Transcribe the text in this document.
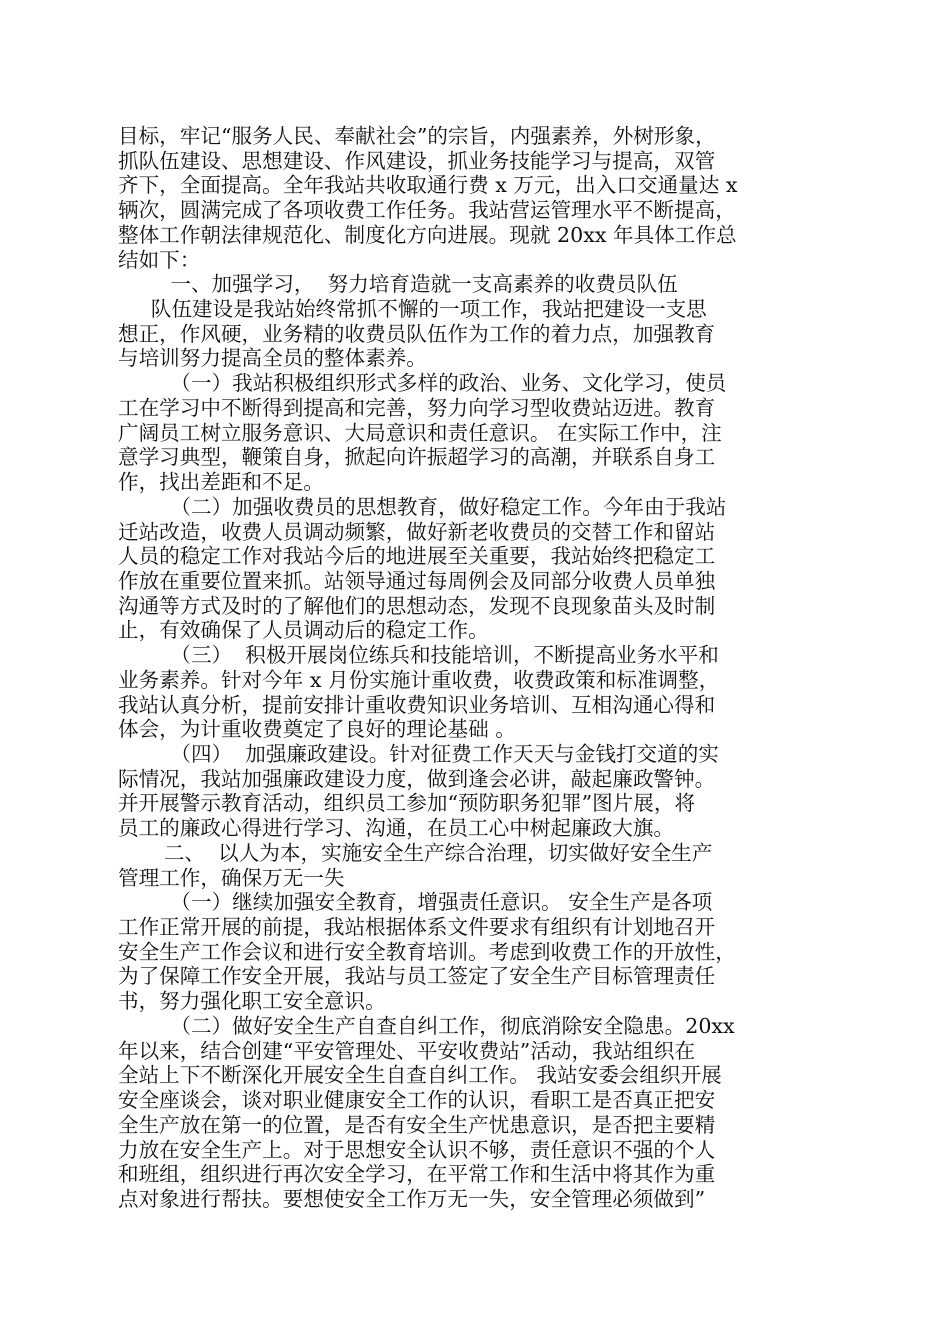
目标，牢记“服务人民、奉献社会”的宗旨，内强素养，外树形象，
抓队伍建设、思想建设、作风建设，抓业务技能学习与提高，双管
齐下，全面提高。全年我站共收取通行费 x 万元，出入口交通量达 x
辆次，圆满完成了各项收费工作任务。我站营运管理水平不断提高，
整体工作朝法律规范化、制度化方向进展。现就 20xx 年具体工作总
结如下：
一、加强学习，  努力培育造就一支高素养的收费员队伍
队伍建设是我站始终常抓不懈的一项工作，我站把建设一支思
想正，作风硬，业务精的收费员队伍作为工作的着力点，加强教育
与培训努力提高全员的整体素养。
（一）我站积极组织形式多样的政治、业务、文化学习，使员
工在学习中不断得到提高和完善，努力向学习型收费站迈进。教育
广阔员工树立服务意识、大局意识和责任意识。 在实际工作中，注
意学习典型，鞭策自身，掀起向许振超学习的高潮，并联系自身工
作，找出差距和不足。
（二）加强收费员的思想教育，做好稳定工作。今年由于我站
迁站改造，收费人员调动频繁，做好新老收费员的交替工作和留站
人员的稳定工作对我站今后的地进展至关重要，我站始终把稳定工
作放在重要位置来抓。站领导通过每周例会及同部分收费人员单独
沟通等方式及时的了解他们的思想动态，发现不良现象苗头及时制
止，有效确保了人员调动后的稳定工作。
（三）  积极开展岗位练兵和技能培训，不断提高业务水平和
业务素养。针对今年 x 月份实施计重收费，收费政策和标准调整，
我站认真分析，提前安排计重收费知识业务培训、互相沟通心得和
体会，为计重收费奠定了良好的理论基础 。
（四）  加强廉政建设。针对征费工作天天与金钱打交道的实
际情况，我站加强廉政建设力度，做到逢会必讲，敲起廉政警钟。
并开展警示教育活动，组织员工参加“预防职务犯罪”图片展，将
员工的廉政心得进行学习、沟通，在员工心中树起廉政大旗。
二、  以人为本，实施安全生产综合治理，切实做好安全生产
管理工作，确保万无一失
（一）继续加强安全教育，增强责任意识。 安全生产是各项
工作正常开展的前提，我站根据体系文件要求有组织有计划地召开
安全生产工作会议和进行安全教育培训。考虑到收费工作的开放性，
为了保障工作安全开展，我站与员工签定了安全生产目标管理责任
书，努力强化职工安全意识。
（二）做好安全生产自查自纠工作，彻底消除安全隐患。20xx
年以来，结合创建“平安管理处、平安收费站”活动，我站组织在
全站上下不断深化开展安全生自查自纠工作。 我站安委会组织开展
安全座谈会，谈对职业健康安全工作的认识，看职工是否真正把安
全生产放在第一的位置，是否有安全生产忧患意识，是否把主要精
力放在安全生产上。对于思想安全认识不够，责任意识不强的个人
和班组，组织进行再次安全学习，在平常工作和生活中将其作为重
点对象进行帮扶。要想使安全工作万无一失，安全管理必须做到”
